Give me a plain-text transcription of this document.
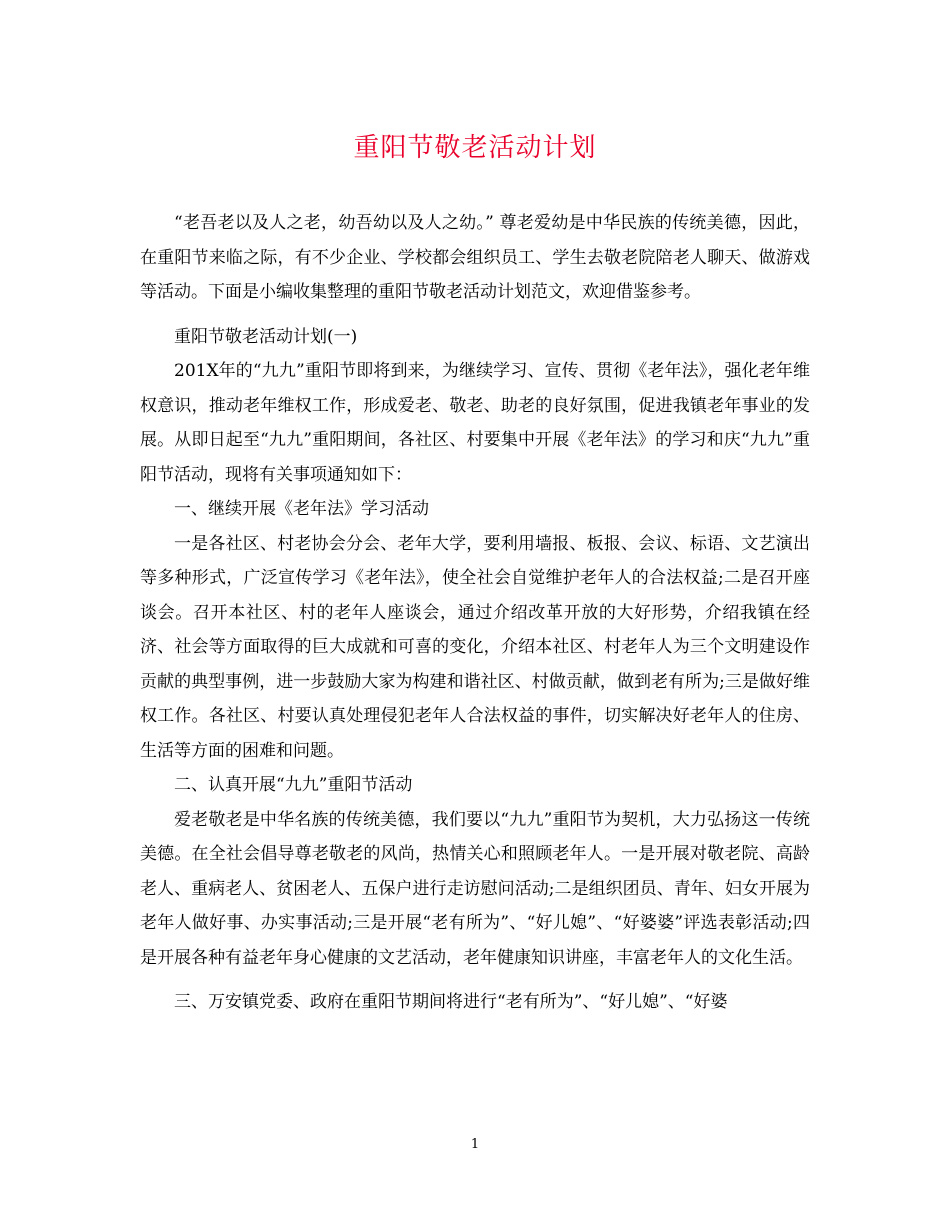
重阳节敬老活动计划

“老吾老以及人之老，幼吾幼以及人之幼。” 尊老爱幼是中华民族的传统美德，因此，在重阳节来临之际，有不少企业、学校都会组织员工、学生去敬老院陪老人聊天、做游戏等活动。下面是小编收集整理的重阳节敬老活动计划范文，欢迎借鉴参考。

重阳节敬老活动计划(一)

201X年的“九九”重阳节即将到来，为继续学习、宣传、贯彻《老年法》，强化老年维权意识，推动老年维权工作，形成爱老、敬老、助老的良好氛围，促进我镇老年事业的发展。从即日起至“九九”重阳期间，各社区、村要集中开展《老年法》的学习和庆“九九”重阳节活动，现将有关事项通知如下：

一、继续开展《老年法》学习活动

一是各社区、村老协会分会、老年大学，要利用墙报、板报、会议、标语、文艺演出等多种形式，广泛宣传学习《老年法》，使全社会自觉维护老年人的合法权益;二是召开座谈会。召开本社区、村的老年人座谈会，通过介绍改革开放的大好形势，介绍我镇在经济、社会等方面取得的巨大成就和可喜的变化，介绍本社区、村老年人为三个文明建设作贡献的典型事例，进一步鼓励大家为构建和谐社区、村做贡献，做到老有所为;三是做好维权工作。各社区、村要认真处理侵犯老年人合法权益的事件，切实解决好老年人的住房、生活等方面的困难和问题。

二、认真开展“九九”重阳节活动

爱老敬老是中华名族的传统美德，我们要以“九九”重阳节为契机，大力弘扬这一传统美德。在全社会倡导尊老敬老的风尚，热情关心和照顾老年人。一是开展对敬老院、高龄老人、重病老人、贫困老人、五保户进行走访慰问活动;二是组织团员、青年、妇女开展为老年人做好事、办实事活动;三是开展“老有所为”、“好儿媳”、“好婆婆”评选表彰活动;四是开展各种有益老年身心健康的文艺活动，老年健康知识讲座，丰富老年人的文化生活。

三、万安镇党委、政府在重阳节期间将进行“老有所为”、“好儿媳”、“好婆

1
